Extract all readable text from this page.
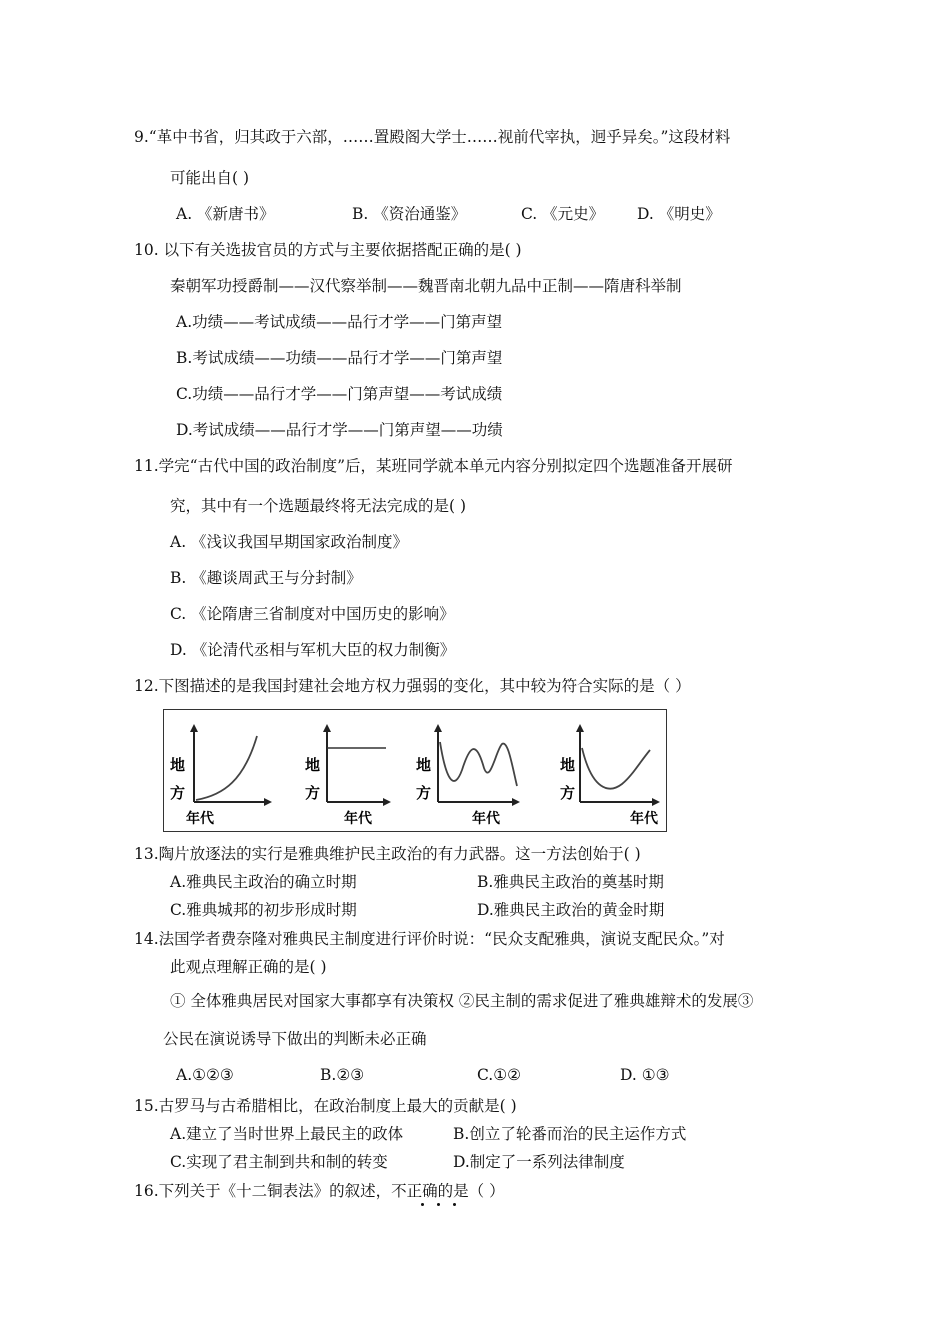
9.“革中书省，归其政于六部，……置殿阁大学士……视前代宰执，迥乎异矣。”这段材料
可能出自( )
A. 《新唐书》	B. 《资治通鉴》	C. 《元史》 D. 《明史》
10. 以下有关选拔官员的方式与主要依据搭配正确的是( )
秦朝军功授爵制——汉代察举制——魏晋南北朝九品中正制——隋唐科举制
A.功绩——考试成绩——品行才学——门第声望
B.考试成绩——功绩——品行才学——门第声望
C.功绩——品行才学——门第声望——考试成绩
D.考试成绩——品行才学——门第声望——功绩
11.学完“古代中国的政治制度”后，某班同学就本单元内容分别拟定四个选题准备开展研
究，其中有一个选题最终将无法完成的是( )
A. 《浅议我国早期国家政治制度》
B. 《趣谈周武王与分封制》
C. 《论隋唐三省制度对中国历史的影响》
D. 《论清代丞相与军机大臣的权力制衡》
12.下图描述的是我国封建社会地方权力强弱的变化，其中较为符合实际的是（ ）
地
方
年代
地
方
年代
地
方
年代
地
方
年代
13.陶片放逐法的实行是雅典维护民主政治的有力武器。这一方法创始于( )
A.雅典民主政治的确立时期	B.雅典民主政治的奠基时期
C.雅典城邦的初步形成时期	D.雅典民主政治的黄金时期
14.法国学者费奈隆对雅典民主制度进行评价时说：“民众支配雅典，演说支配民众。”对
此观点理解正确的是( )
① 全体雅典居民对国家大事都享有决策权 ②民主制的需求促进了雅典雄辩术的发展③
公民在演说诱导下做出的判断未必正确
A.①②③	B.②③	C.①②	D. ①③
15.古罗马与古希腊相比，在政治制度上最大的贡献是( )
A.建立了当时世界上最民主的政体	B.创立了轮番而治的民主运作方式
C.实现了君主制到共和制的转变	D.制定了一系列法律制度
16.下列关于《十二铜表法》的叙述，不正确的是（ ）
